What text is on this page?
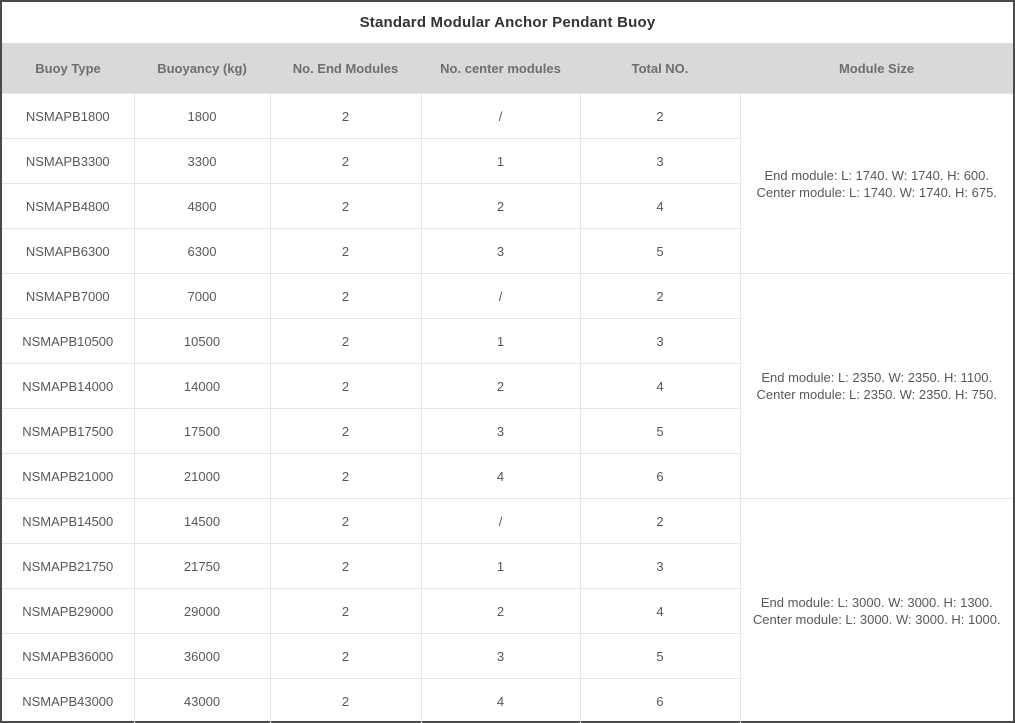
Standard Modular Anchor Pendant Buoy
Buoy Type	Buoyancy (kg)	No. End Modules	No. center modules	Total NO.	Module Size
NSMAPB1800	1800	2	/	2	End module: L: 1740. W: 1740. H: 600.
Center module: L: 1740. W: 1740. H: 675.

NSMAPB3300	3300	2	1	3	
NSMAPB4800	4800	2	2	4	
NSMAPB6300	6300	2	3	5	
NSMAPB7000	7000	2	/	2	End module: L: 2350. W: 2350. H: 1100.
Center module: L: 2350. W: 2350. H: 750.

NSMAPB10500	10500	2	1	3	
NSMAPB14000	14000	2	2	4	
NSMAPB17500	17500	2	3	5	
NSMAPB21000	21000	2	4	6	
NSMAPB14500	14500	2	/	2	End module: L: 3000. W: 3000. H: 1300.
Center module: L: 3000. W: 3000. H: 1000.

NSMAPB21750	21750	2	1	3	
NSMAPB29000	29000	2	2	4	
NSMAPB36000	36000	2	3	5	
NSMAPB43000	43000	2	4	6	
